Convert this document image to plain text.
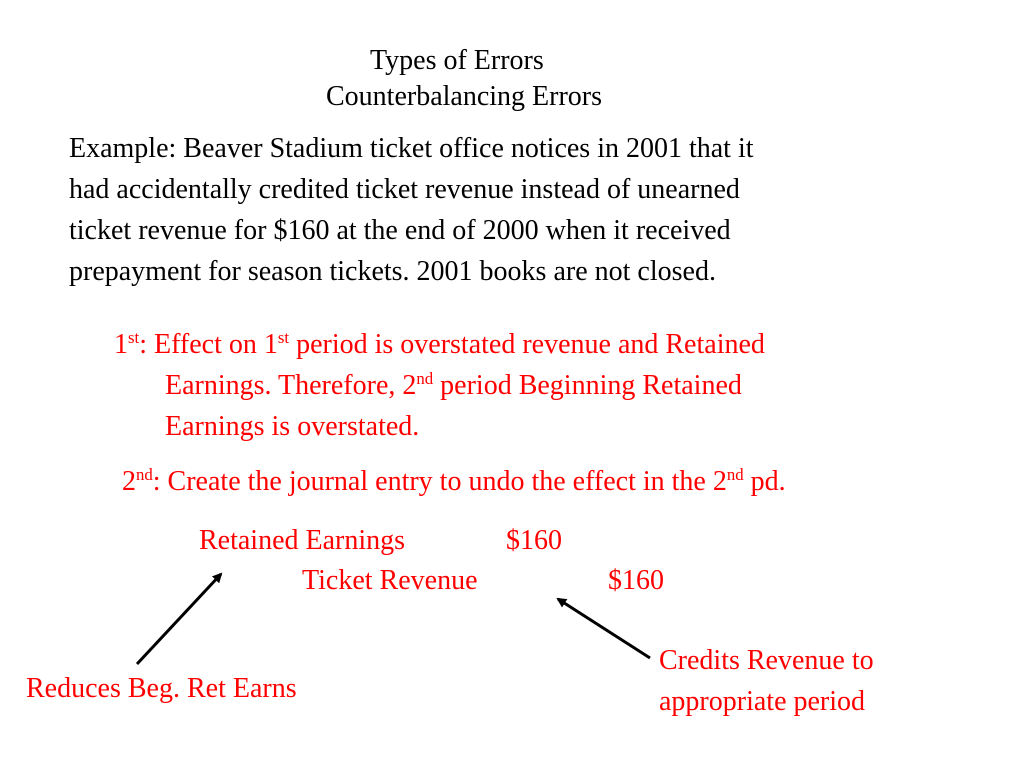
Types of Errors
Counterbalancing Errors
Example: Beaver Stadium ticket office notices in 2001 that it
had accidentally credited ticket revenue instead of unearned
ticket revenue for $160 at the end of 2000 when it received
prepayment for season tickets. 2001 books are not closed.
1st: Effect on 1st period is overstated revenue and Retained
Earnings. Therefore, 2nd period Beginning Retained
Earnings is overstated.
2nd: Create the journal entry to undo the effect in the 2nd pd.
Retained Earnings	$160
Ticket Revenue	$160
Reduces Beg. Ret Earns
Credits Revenue to
appropriate period
